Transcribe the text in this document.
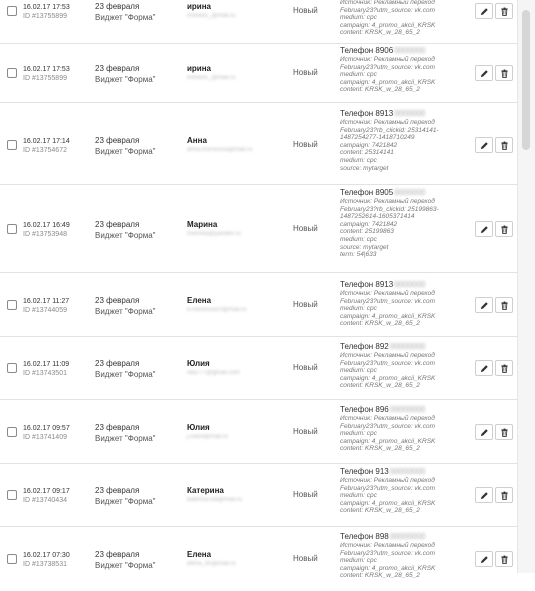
16.02.17 17:53
ID #13755899
23 февраля
Виджет "Форма"
ирина
irisha55_@mail.ru
Новый
Источник: Рекламный переход
February23?utm_source: vk.com
medium: cpc
campaign: 4_promo_akcii_KRSK
content: KRSK_w_28_65_2
16.02.17 17:53
ID #13755899
23 февраля
Виджет "Форма"
ирина
irisha55_@mail.ru
Новый
Телефон 89060000000
Источник: Рекламный переход
February23?utm_source: vk.com
medium: cpc
campaign: 4_promo_akcii_KRSK
content: KRSK_w_28_65_2
16.02.17 17:14
ID #13754672
23 февраля
Виджет "Форма"
Анна
anna.morozova@mail.ru
Новый
Телефон 89130000000
Источник: Рекламный переход
February23?rb_clickid: 25314141-
1487254277-1418710249
campaign: 7421842
content: 25314141
medium: cpc
source: mytarget
16.02.17 16:49
ID #13753948
23 февраля
Виджет "Форма"
Марина
marinka@yandex.ru
Новый
Телефон 89050000000
Источник: Рекламный переход
February23?rb_clickid: 25199863-
1487252614-1605371414
campaign: 7421842
content: 25199863
medium: cpc
source: mytarget
term: 54|633
16.02.17 11:27
ID #13744059
23 февраля
Виджет "Форма"
Елена
e.novikova10@mail.ru
Новый
Телефон 89130000000
Источник: Рекламный переход
February23?utm_source: vk.com
medium: cpc
campaign: 4_promo_akcii_KRSK
content: KRSK_w_28_65_2
16.02.17 11:09
ID #13743501
23 февраля
Виджет "Форма"
Юлия
ulia777@gmail.com
Новый
Телефон 89200000000
Источник: Рекламный переход
February23?utm_source: vk.com
medium: cpc
campaign: 4_promo_akcii_KRSK
content: KRSK_w_28_65_2
16.02.17 09:57
ID #13741409
23 февраля
Виджет "Форма"
Юлия
j.sokol@mail.ru
Новый
Телефон 89600000000
Источник: Рекламный переход
February23?utm_source: vk.com
medium: cpc
campaign: 4_promo_akcii_KRSK
content: KRSK_w_28_65_2
16.02.17 09:17
ID #13740434
23 февраля
Виджет "Форма"
Катерина
katerina.kat@mail.ru
Новый
Телефон 91300000000
Источник: Рекламный переход
February23?utm_source: vk.com
medium: cpc
campaign: 4_promo_akcii_KRSK
content: KRSK_w_28_65_2
16.02.17 07:30
ID #13738531
23 февраля
Виджет "Форма"
Елена
elena_85@mail.ru
Новый
Телефон 89800000000
Источник: Рекламный переход
February23?utm_source: vk.com
medium: cpc
campaign: 4_promo_akcii_KRSK
content: KRSK_w_28_65_2
